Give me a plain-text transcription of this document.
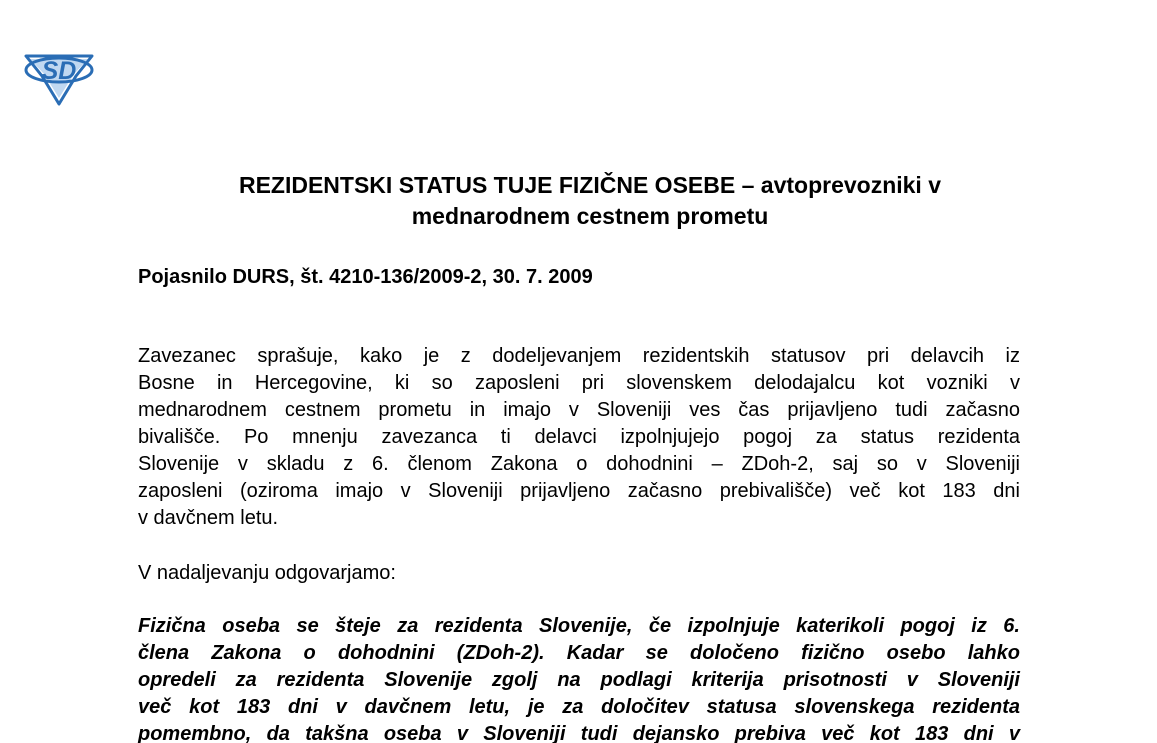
SD
REZIDENTSKI STATUS TUJE FIZIČNE OSEBE – avtoprevozniki v
mednarodnem cestnem prometu
Pojasnilo DURS, št. 4210-136/2009-2, 30. 7. 2009
Zavezanec sprašuje, kako je z dodeljevanjem rezidentskih statusov pri delavcih iz
Bosne in Hercegovine, ki so zaposleni pri slovenskem delodajalcu kot vozniki v
mednarodnem cestnem prometu in imajo v Sloveniji ves čas prijavljeno tudi začasno
bivališče. Po mnenju zavezanca ti delavci izpolnjujejo pogoj za status rezidenta
Slovenije v skladu z 6. členom Zakona o dohodnini – ZDoh-2, saj so v Sloveniji
zaposleni (oziroma imajo v Sloveniji prijavljeno začasno prebivališče) več kot 183 dni
v davčnem letu.
V nadaljevanju odgovarjamo:
Fizična oseba se šteje za rezidenta Slovenije, če izpolnjuje katerikoli pogoj iz 6.
člena Zakona o dohodnini (ZDoh-2). Kadar se določeno fizično osebo lahko
opredeli za rezidenta Slovenije zgolj na podlagi kriterija prisotnosti v Sloveniji
več kot 183 dni v davčnem letu, je za določitev statusa slovenskega rezidenta
pomembno, da takšna oseba v Sloveniji tudi dejansko prebiva več kot 183 dni v
